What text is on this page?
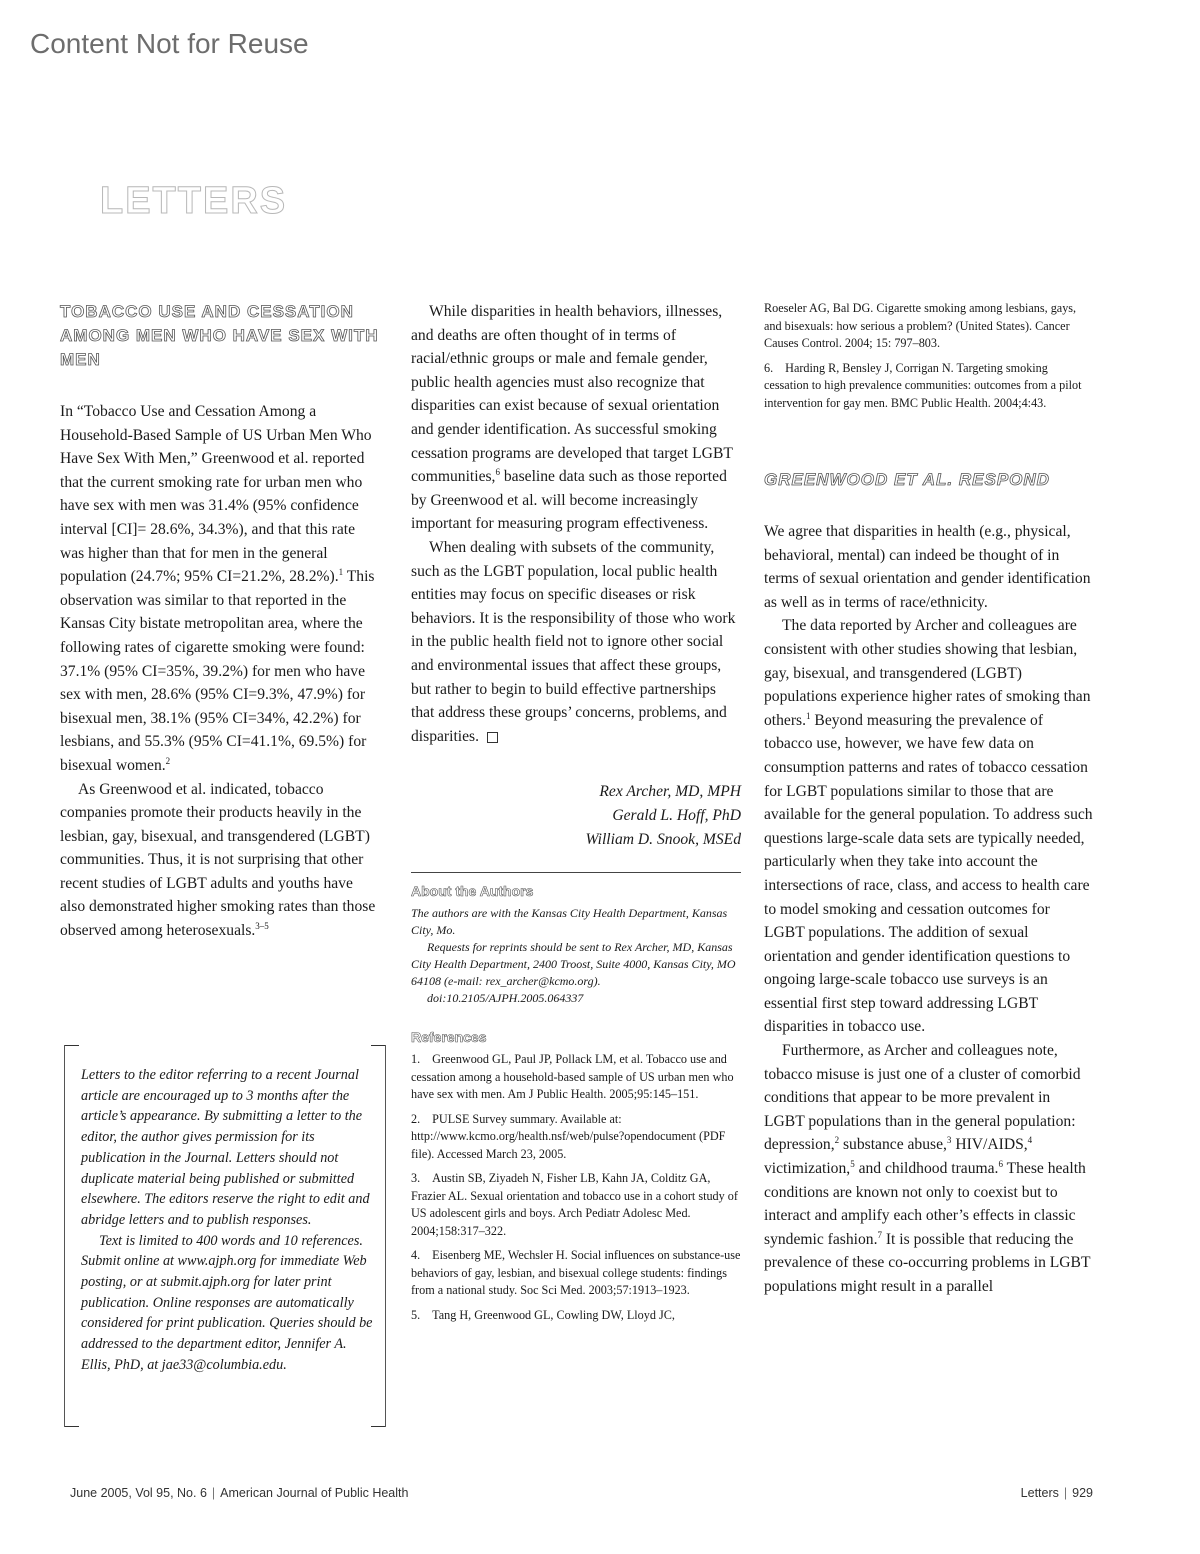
Content Not for Reuse
LETTERS
TOBACCO USE AND CESSATION AMONG MEN WHO HAVE SEX WITH MEN

In “Tobacco Use and Cessation Among a Household-Based Sample of US Urban Men Who Have Sex With Men,” Greenwood et al. reported that the current smoking rate for urban men who have sex with men was 31.4% (95% confidence interval [CI]= 28.6%, 34.3%), and that this rate was higher than that for men in the general population (24.7%; 95% CI=21.2%, 28.2%).$^1$ This observation was similar to that reported in the Kansas City bistate metropolitan area, where the following rates of cigarette smoking were found: 37.1% (95% CI=35%, 39.2%) for men who have sex with men, 28.6% (95% CI=9.3%, 47.9%) for bisexual men, 38.1% (95% CI=34%, 42.2%) for lesbians, and 55.3% (95% CI=41.1%, 69.5%) for bisexual women.$^2$

As Greenwood et al. indicated, tobacco companies promote their products heavily in the lesbian, gay, bisexual, and transgendered (LGBT) communities. Thus, it is not surprising that other recent studies of LGBT adults and youths have also demonstrated higher smoking rates than those observed among heterosexuals.$^{3-5}$

Letters to the editor referring to a recent Journal article are encouraged up to 3 months after the article’s appearance. By submitting a letter to the editor, the author gives permission for its publication in the Journal. Letters should not duplicate material being published or submitted elsewhere. The editors reserve the right to edit and abridge letters and to publish responses.

Text is limited to 400 words and 10 references. Submit online at www.ajph.org for immediate Web posting, or at submit.ajph.org for later print publication. Online responses are automatically considered for print publication. Queries should be addressed to the department editor, Jennifer A. Ellis, PhD, at jae33@columbia.edu.

While disparities in health behaviors, illnesses, and deaths are often thought of in terms of racial/ethnic groups or male and female gender, public health agencies must also recognize that disparities can exist because of sexual orientation and gender identification. As successful smoking cessation programs are developed that target LGBT communities,$^6$ baseline data such as those reported by Greenwood et al. will become increasingly important for measuring program effectiveness.

When dealing with subsets of the community, such as the LGBT population, local public health entities may focus on specific diseases or risk behaviors. It is the responsibility of those who work in the public health field not to ignore other social and environmental issues that affect these groups, but rather to begin to build effective partnerships that address these groups’ concerns, problems, and disparities.

Rex Archer, MD, MPH
Gerald L. Hoff, PhD
William D. Snook, MSEd
About the Authors

The authors are with the Kansas City Health Department, Kansas City, Mo.

Requests for reprints should be sent to Rex Archer, MD, Kansas City Health Department, 2400 Troost, Suite 4000, Kansas City, MO 64108 (e-mail: rex_archer@kcmo.org).

doi:10.2105/AJPH.2005.064337

References

1. Greenwood GL, Paul JP, Pollack LM, et al. Tobacco use and cessation among a household-based sample of US urban men who have sex with men. Am J Public Health. 2005;95:145–151.

2. PULSE Survey summary. Available at: http://www.kcmo.org/health.nsf/web/pulse?opendocument (PDF file). Accessed March 23, 2005.

3. Austin SB, Ziyadeh N, Fisher LB, Kahn JA, Colditz GA, Frazier AL. Sexual orientation and tobacco use in a cohort study of US adolescent girls and boys. Arch Pediatr Adolesc Med. 2004;158:317–322.

4. Eisenberg ME, Wechsler H. Social influences on substance-use behaviors of gay, lesbian, and bisexual college students: findings from a national study. Soc Sci Med. 2003;57:1913–1923.

5. Tang H, Greenwood GL, Cowling DW, Lloyd JC,

Roeseler AG, Bal DG. Cigarette smoking among lesbians, gays, and bisexuals: how serious a problem? (United States). Cancer Causes Control. 2004; 15: 797–803.

6. Harding R, Bensley J, Corrigan N. Targeting smoking cessation to high prevalence communities: outcomes from a pilot intervention for gay men. BMC Public Health. 2004;4:43.

GREENWOOD ET AL. RESPOND

We agree that disparities in health (e.g., physical, behavioral, mental) can indeed be thought of in terms of sexual orientation and gender identification as well as in terms of race/ethnicity.

The data reported by Archer and colleagues are consistent with other studies showing that lesbian, gay, bisexual, and transgendered (LGBT) populations experience higher rates of smoking than others.$^1$ Beyond measuring the prevalence of tobacco use, however, we have few data on consumption patterns and rates of tobacco cessation for LGBT populations similar to those that are available for the general population. To address such questions large-scale data sets are typically needed, particularly when they take into account the intersections of race, class, and access to health care to model smoking and cessation outcomes for LGBT populations. The addition of sexual orientation and gender identification questions to ongoing large-scale tobacco use surveys is an essential first step toward addressing LGBT disparities in tobacco use.

Furthermore, as Archer and colleagues note, tobacco misuse is just one of a cluster of comorbid conditions that appear to be more prevalent in LGBT populations than in the general population: depression,$^2$ substance abuse,$^3$ HIV/AIDS,$^4$ victimization,$^5$ and childhood trauma.$^6$ These health conditions are known not only to coexist but to interact and amplify each other’s effects in classic syndemic fashion.$^7$ It is possible that reducing the prevalence of these co-occurring problems in LGBT populations might result in a parallel

June 2005, Vol 95, No. 6 | American Journal of Public Health	Letters | 929
